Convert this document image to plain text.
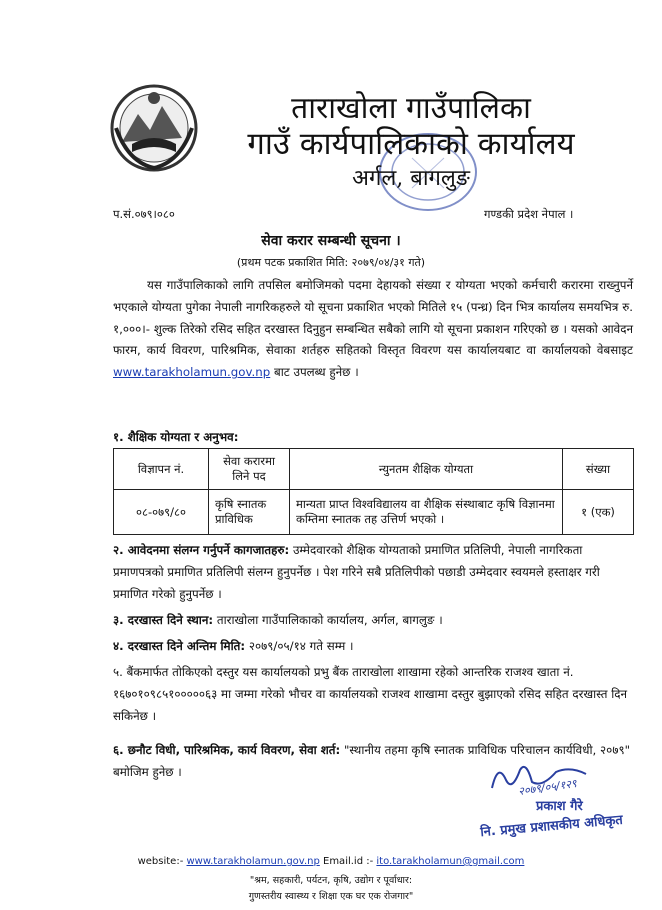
ताराखोला गाउँपालिका
गाउँ कार्यपालिकाको कार्यालय
अर्गल, बागलुङ
प.सं.०७९।०८०	गण्डकी प्रदेश नेपाल ।
सेवा करार सम्बन्धी सूचना ।
(प्रथम पटक प्रकाशित मिति: २०७९/०४/३१ गते)
यस गाउँपालिकाको लागि तपसिल बमोजिमको पदमा देहायको संख्या र योग्यता भएको कर्मचारी करारमा राख्नुपर्ने भएकाले योग्यता पुगेका नेपाली नागरिकहरुले यो सूचना प्रकाशित भएको मितिले १५ (पन्ध्र) दिन भित्र कार्यालय समयभित्र रु. १,०००।- शुल्क तिरेको रसिद सहित दरखास्त दिनुहुन सम्बन्धित सबैको लागि यो सूचना प्रकाशन गरिएको छ । यसको आवेदन फारम, कार्य विवरण, पारिश्रमिक, सेवाका शर्तहरु सहितको विस्तृत विवरण यस कार्यालयबाट वा कार्यालयको वेबसाइट www.tarakholamun.gov.np बाट उपलब्ध हुनेछ ।
१. शैक्षिक योग्यता र अनुभव:
विज्ञापन नं.	सेवा करारमा लिने पद	न्युनतम शैक्षिक योग्यता	संख्या
०८-०७९/८०	कृषि स्नातक प्राविधिक	मान्यता प्राप्त विश्वविद्यालय वा शैक्षिक संस्थाबाट कृषि विज्ञानमा कम्तिमा स्नातक तह उत्तिर्ण भएको ।	१ (एक)
२. आवेदनमा संलग्न गर्नुपर्ने कागजातहरु: उम्मेदवारको शैक्षिक योग्यताको प्रमाणित प्रतिलिपी, नेपाली नागरिकता प्रमाणपत्रको प्रमाणित प्रतिलिपी संलग्न हुनुपर्नेछ । पेश गरिने सबै प्रतिलिपीको पछाडी उम्मेदवार स्वयमले हस्ताक्षर गरी प्रमाणित गरेको हुनुपर्नेछ ।
३. दरखास्त दिने स्थान: ताराखोला गाउँपालिकाको कार्यालय, अर्गल, बागलुङ ।
४. दरखास्त दिने अन्तिम मिति: २०७९/०५/१४ गते सम्म ।
५. बैंकमार्फत तोकिएको दस्तुर यस कार्यालयको प्रभु बैंक ताराखोला शाखामा रहेको आन्तरिक राजश्व खाता नं. १६७०१०९८५१०००००६३ मा जम्मा गरेको भौचर वा कार्यालयको राजश्व शाखामा दस्तुर बुझाएको रसिद सहित दरखास्त दिन सकिनेछ ।
६. छनौट विधी, पारिश्रमिक, कार्य विवरण, सेवा शर्त: "स्थानीय तहमा कृषि स्नातक प्राविधिक परिचालन कार्यविधी, २०७९" बमोजिम हुनेछ ।
२०७९/०५/१२९
प्रकाश गैरे
नि. प्रमुख प्रशासकीय अधिकृत
website:- www.tarakholamun.gov.np Email.id :- ito.tarakholamun@gmail.com
"श्रम, सहकारी, पर्यटन, कृषि, उद्योग र पूर्वाधार:
गुणस्तरीय स्वास्थ्य र शिक्षा एक घर एक रोजगार"
